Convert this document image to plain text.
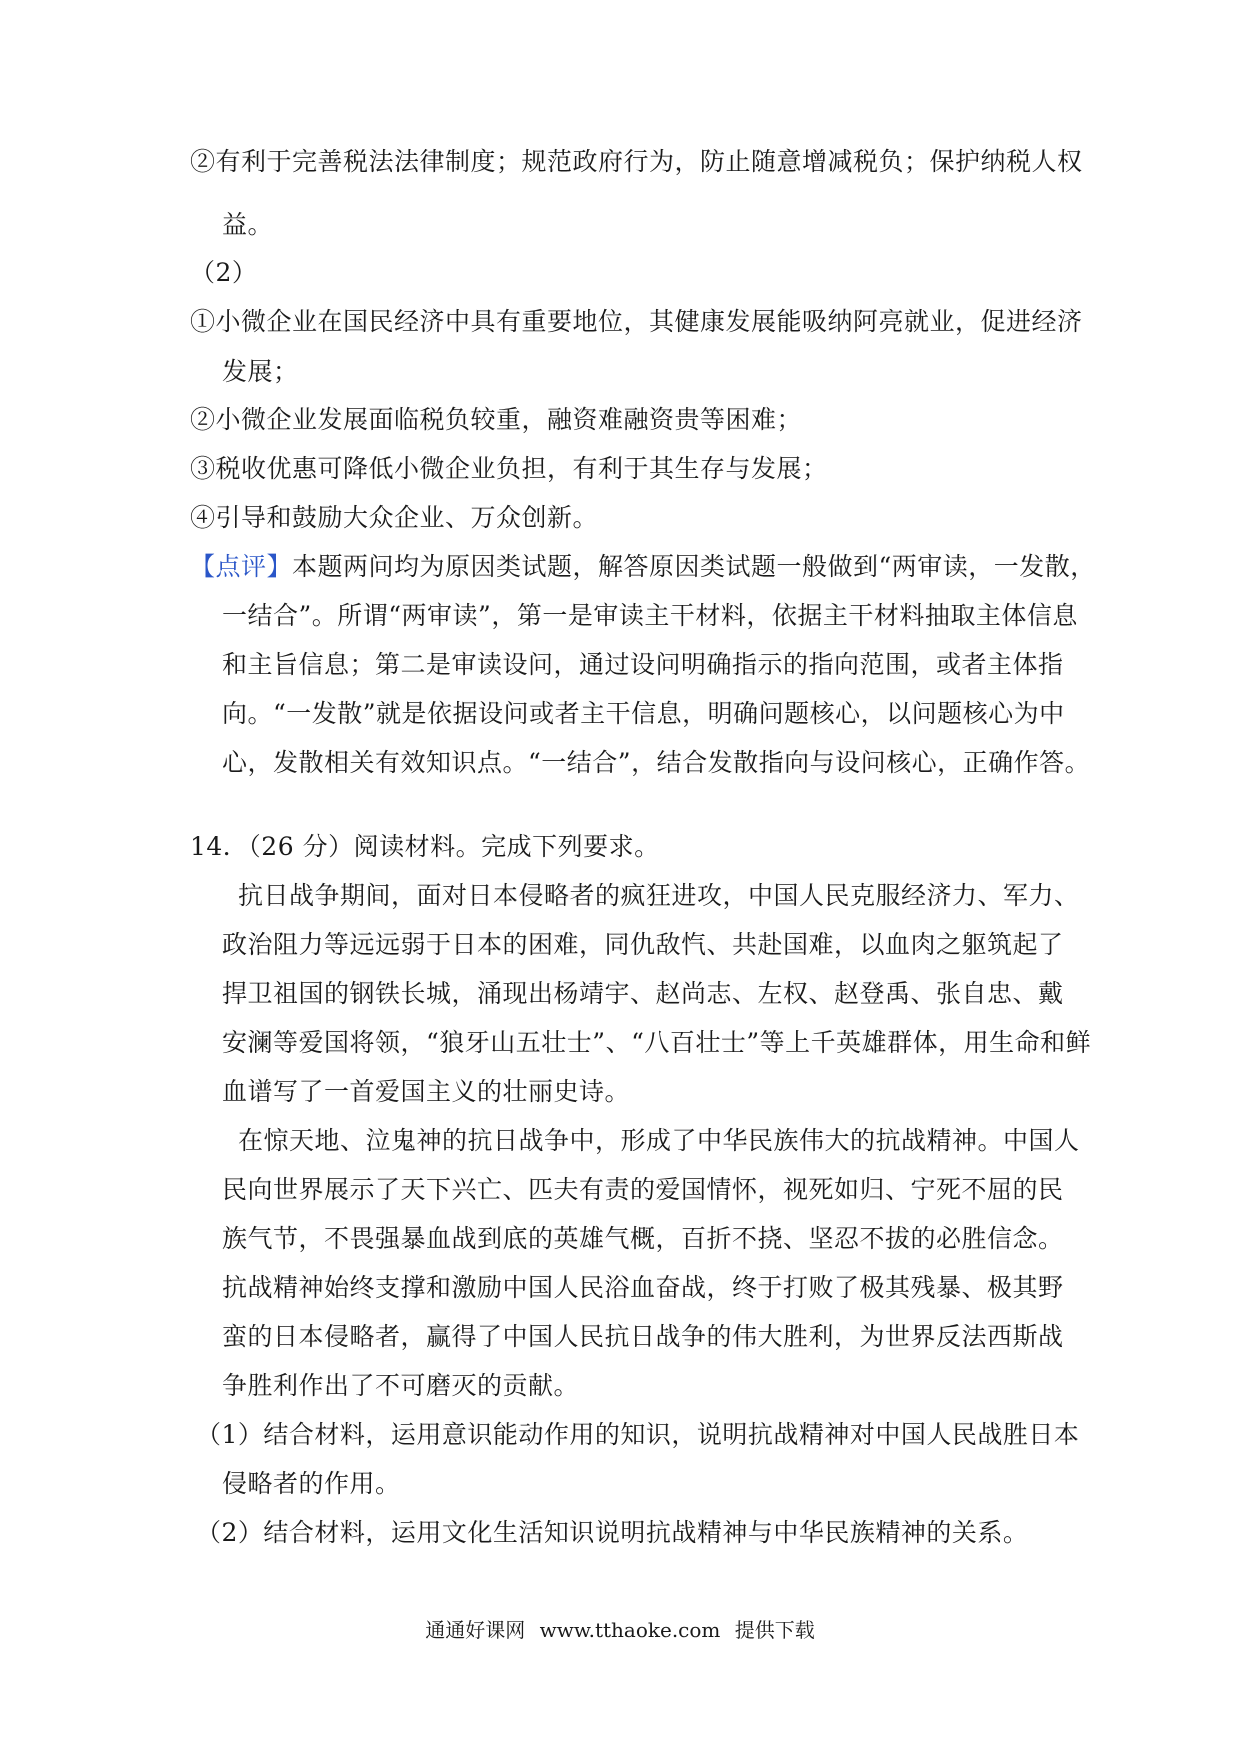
②有利于完善税法法律制度；规范政府行为，防止随意增减税负；保护纳税人权
益。
（2）
①小微企业在国民经济中具有重要地位，其健康发展能吸纳阿亮就业，促进经济
发展；
②小微企业发展面临税负较重，融资难融资贵等困难；
③税收优惠可降低小微企业负担，有利于其生存与发展；
④引导和鼓励大众企业、万众创新。
【点评】本题两问均为原因类试题，解答原因类试题一般做到“两审读，一发散，
一结合”。所谓“两审读”，第一是审读主干材料，依据主干材料抽取主体信息
和主旨信息；第二是审读设问，通过设问明确指示的指向范围，或者主体指
向。“一发散”就是依据设问或者主干信息，明确问题核心，以问题核心为中
心，发散相关有效知识点。“一结合”，结合发散指向与设问核心，正确作答。
14．（26 分）阅读材料。完成下列要求。
抗日战争期间，面对日本侵略者的疯狂进攻，中国人民克服经济力、军力、
政治阻力等远远弱于日本的困难，同仇敌忾、共赴国难，以血肉之躯筑起了
捍卫祖国的钢铁长城，涌现出杨靖宇、赵尚志、左权、赵登禹、张自忠、戴
安澜等爱国将领，“狼牙山五壮士”、“八百壮士”等上千英雄群体，用生命和鲜
血谱写了一首爱国主义的壮丽史诗。
在惊天地、泣鬼神的抗日战争中，形成了中华民族伟大的抗战精神。中国人
民向世界展示了天下兴亡、匹夫有责的爱国情怀，视死如归、宁死不屈的民
族气节，不畏强暴血战到底的英雄气概，百折不挠、坚忍不拔的必胜信念。
抗战精神始终支撑和激励中国人民浴血奋战，终于打败了极其残暴、极其野
蛮的日本侵略者，赢得了中国人民抗日战争的伟大胜利，为世界反法西斯战
争胜利作出了不可磨灭的贡献。
（1）结合材料，运用意识能动作用的知识，说明抗战精神对中国人民战胜日本
侵略者的作用。
（2）结合材料，运用文化生活知识说明抗战精神与中华民族精神的关系。
通通好课网 www.tthaoke.com 提供下载
